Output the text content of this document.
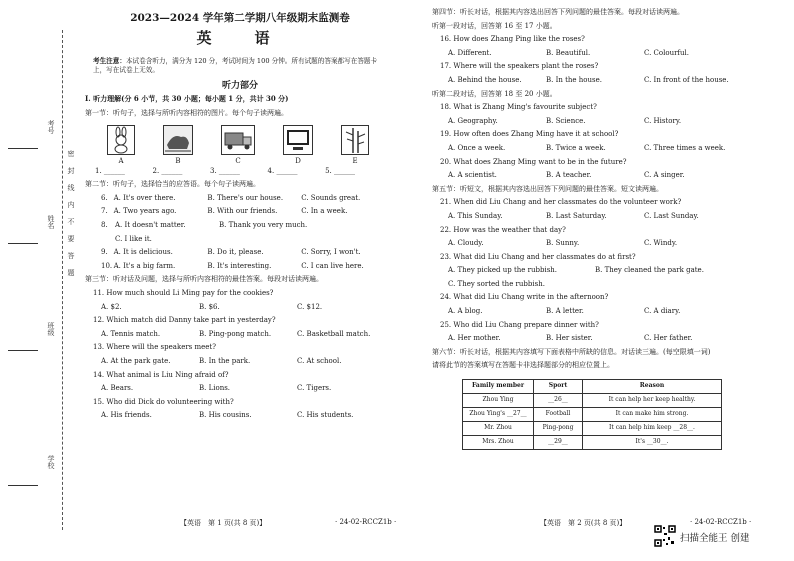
考号
姓名
班级
学校
密封线内不要答题
2023—2024 学年第二学期八年级期末监测卷
英　语
考生注意：本试卷含听力，满分为 120 分，考试时间为 100 分钟。所有试题的答案都写在答题卡上，写在试卷上无效。
听力部分
I. 听力理解(分 6 小节，共 30 小题；每小题 1 分，共计 30 分)
第一节：听句子，选择与所听内容相符的图片。每个句子读两遍。
A	B	C	D	E
1. ______	2. ______	3. ______	4. ______	5. ______
第二节：听句子，选择恰当的应答语。每个句子读两遍。
6. A. It's over there.	B. There's our house.	C. Sounds great.
7. A. Two years ago.	B. With our friends.	C. In a week.
8.	A. It doesn't matter.	B. Thank you very much.
C. I like it.
9. A. It is delicious.	B. Do it, please.	C. Sorry, I won't.
10. A. It's a big farm.	B. It's interesting.	C. I can live here.
第三节：听对话及问题，选择与所听内容相符的最佳答案。每段对话读两遍。
11. How much should Li Ming pay for the cookies?
A. $2.	B. $6.	C. $12.
12. Which match did Danny take part in yesterday?
A. Tennis match.	B. Ping-pong match.	C. Basketball match.
13. Where will the speakers meet?
A. At the park gate.	B. In the park.	C. At school.
14. What animal is Liu Ning afraid of?
A. Bears.	B. Lions.	C. Tigers.
15. Who did Dick do volunteering with?
A. His friends.	B. His cousins.	C. His students.
第四节：听长对话，根据其内容选出回答下列问题的最佳答案。每段对话读两遍。
听第一段对话，回答第 16 至 17 小题。
16. How does Zhang Ping like the roses?
A. Different.	B. Beautiful.	C. Colourful.
17. Where will the speakers plant the roses?
A. Behind the house.	B. In the house.	C. In front of the house.
听第二段对话，回答第 18 至 20 小题。
18. What is Zhang Ming's favourite subject?
A. Geography.	B. Science.	C. History.
19. How often does Zhang Ming have it at school?
A. Once a week.	B. Twice a week.	C. Three times a week.
20. What does Zhang Ming want to be in the future?
A. A scientist.	B. A teacher.	C. A singer.
第五节：听短文，根据其内容选出回答下列问题的最佳答案。短文读两遍。
21. When did Liu Chang and her classmates do the volunteer work?
A. This Sunday.	B. Last Saturday.	C. Last Sunday.
22. How was the weather that day?
A. Cloudy.	B. Sunny.	C. Windy.
23. What did Liu Chang and her classmates do at first?
A. They picked up the rubbish.	B. They cleaned the park gate.
C. They sorted the rubbish.
24. What did Liu Chang write in the afternoon?
A. A blog.	B. A letter.	C. A diary.
25. Who did Liu Chang prepare dinner with?
A. Her mother.	B. Her sister.	C. Her father.
第六节：听长对话，根据其内容填写下面表格中所缺的信息。对话读三遍。(每空限填一词)
请将此节的答案填写在答题卡非选择题部分的相应位置上。
Family member	Sport	Reason
Zhou Ying	__26__	It can help her keep healthy.
Zhou Ying's __27__	Football	It can make him strong.
Mr. Zhou	Ping-pong	It can help him keep __28__.
Mrs. Zhou	__29__	It's __30__.
【英语　第 1 页(共 8 页)】	· 24-02-RCCZ1b ·	【英语　第 2 页(共 8 页)】	· 24-02-RCCZ1b ·
扫描全能王 创建
